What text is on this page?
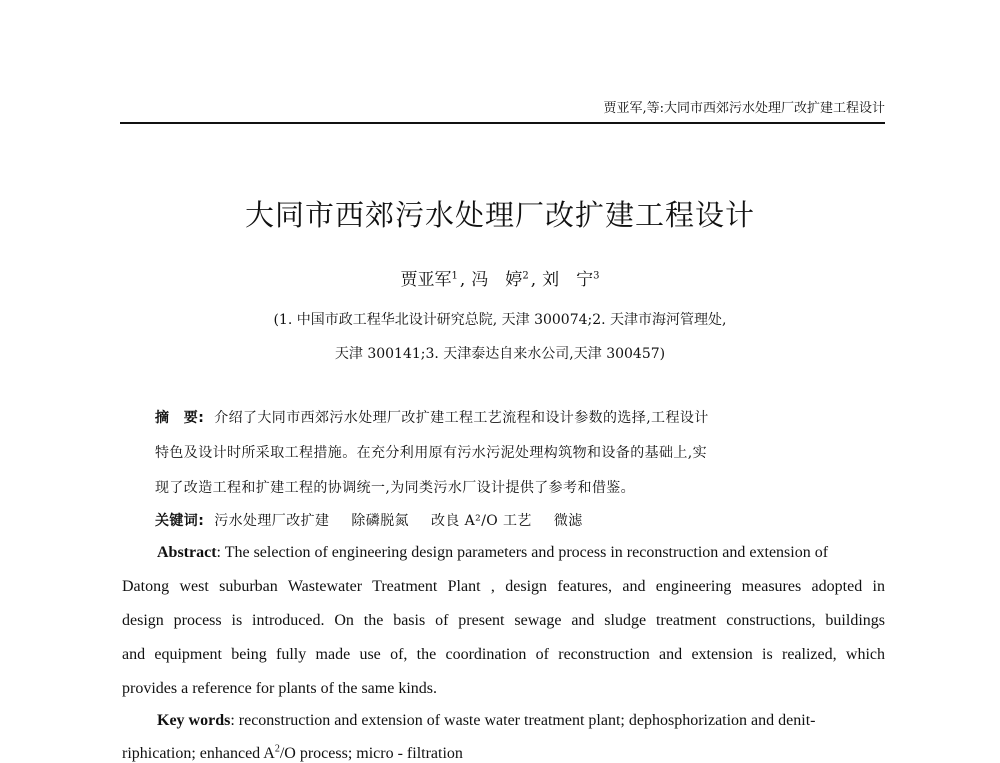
贾亚军,等:大同市西郊污水处理厂改扩建工程设计
大同市西郊污水处理厂改扩建工程设计
贾亚军$^1$ , 冯　婷$^2$ , 刘　宁$^3$
(1. 中国市政工程华北设计研究总院, 天津 300074;2. 天津市海河管理处,
天津 300141;3. 天津泰达自来水公司,天津 300457)
摘　要: 介绍了大同市西郊污水处理厂改扩建工程工艺流程和设计参数的选择,工程设计
特色及设计时所采取工程措施。在充分利用原有污水污泥处理构筑物和设备的基础上,实
现了改造工程和扩建工程的协调统一,为同类污水厂设计提供了参考和借鉴。
关键词: 污水处理厂改扩建 除磷脱氮 改良 A²/O 工艺 微滤
Abstract: The selection of engineering design parameters and process in reconstruction and extension of
Datong west suburban Wastewater Treatment Plant , design features, and engineering measures adopted in
design process is introduced. On the basis of present sewage and sludge treatment constructions, buildings
and equipment being fully made use of, the coordination of reconstruction and extension is realized, which
provides a reference for plants of the same kinds.
Key words: reconstruction and extension of waste water treatment plant; dephosphorization and denit-
riphication; enhanced $A^2/O$ process; micro - filtration
